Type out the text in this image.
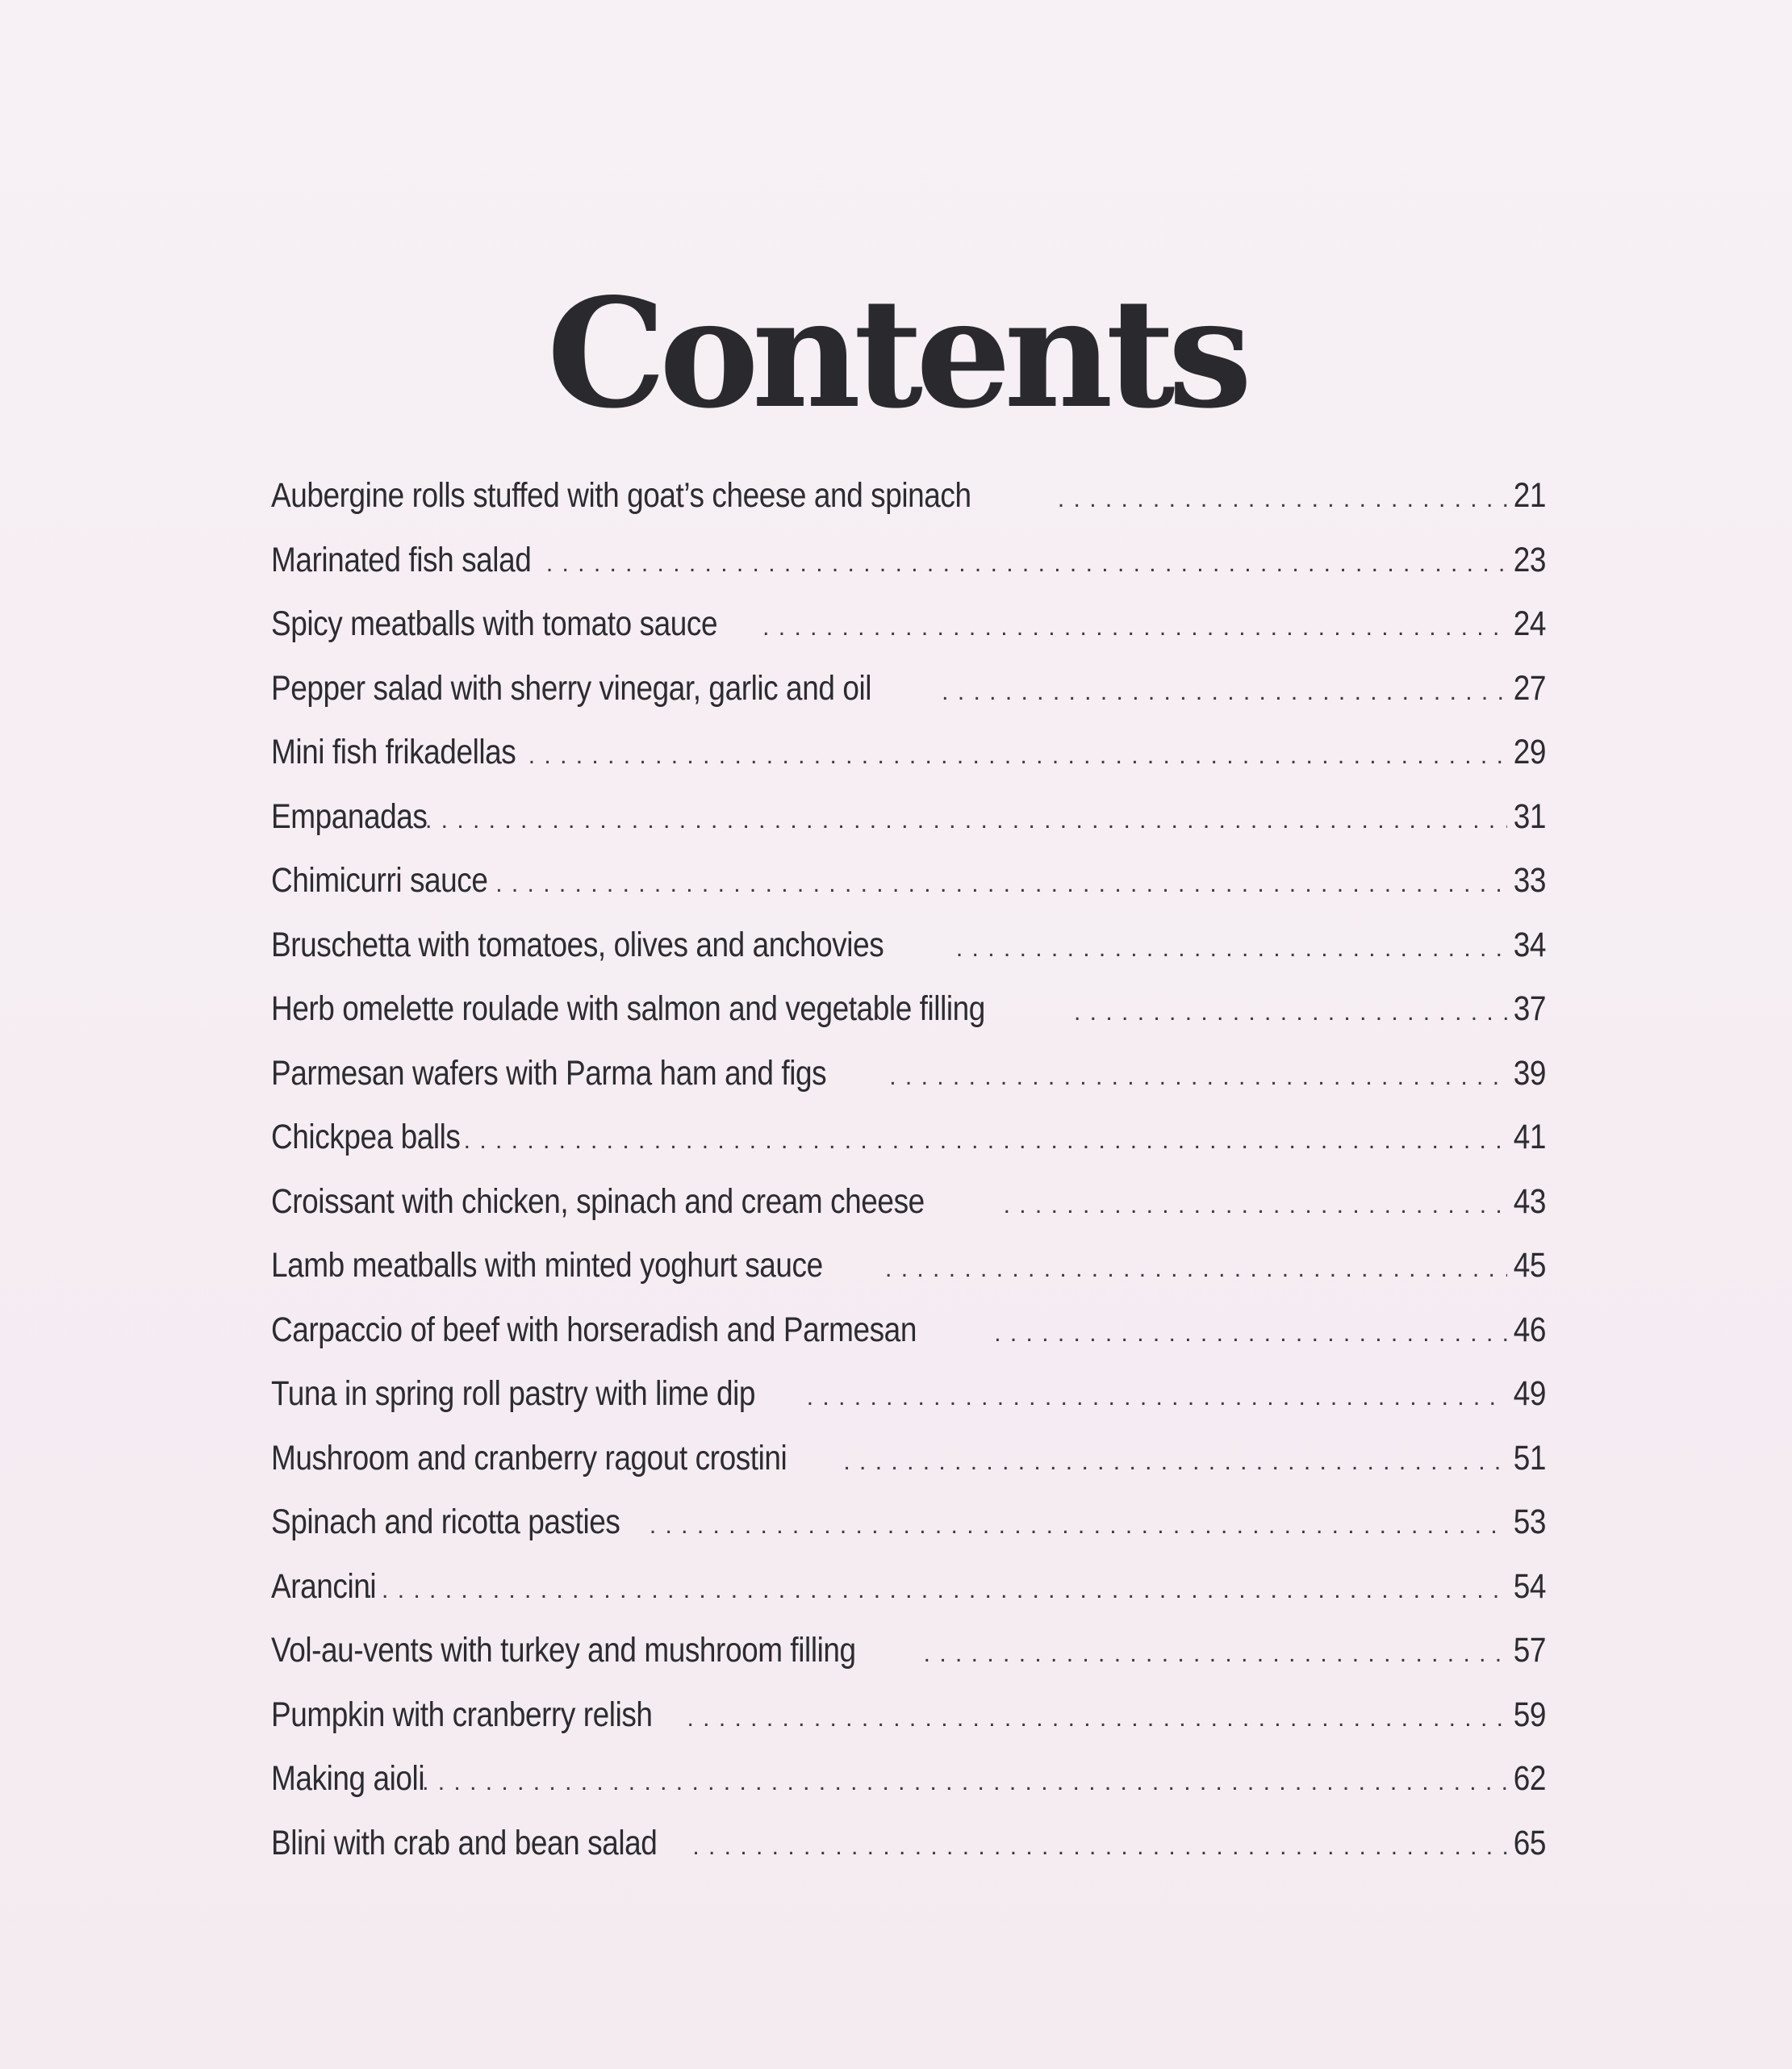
Contents
Aubergine rolls stuffed with goat’s cheese and spinach . . .	21
Marinated fish salad . . .	23
Spicy meatballs with tomato sauce . . .	24
Pepper salad with sherry vinegar, garlic and oil . . .	27
Mini fish frikadellas . . .	29
Empanadas . . .	31
Chimicurri sauce . . .	33
Bruschetta with tomatoes, olives and anchovies . . .	34
Herb omelette roulade with salmon and vegetable filling . . .	37
Parmesan wafers with Parma ham and figs . . .	39
Chickpea balls . . .	41
Croissant with chicken, spinach and cream cheese . . .	43
Lamb meatballs with minted yoghurt sauce . . .	45
Carpaccio of beef with horseradish and Parmesan . . .	46
Tuna in spring roll pastry with lime dip . . .	49
Mushroom and cranberry ragout crostini . . .	51
Spinach and ricotta pasties . . .	53
Arancini . . .	54
Vol-au-vents with turkey and mushroom filling . . .	57
Pumpkin with cranberry relish . . .	59
Making aioli . . .	62
Blini with crab and bean salad . . .	65
